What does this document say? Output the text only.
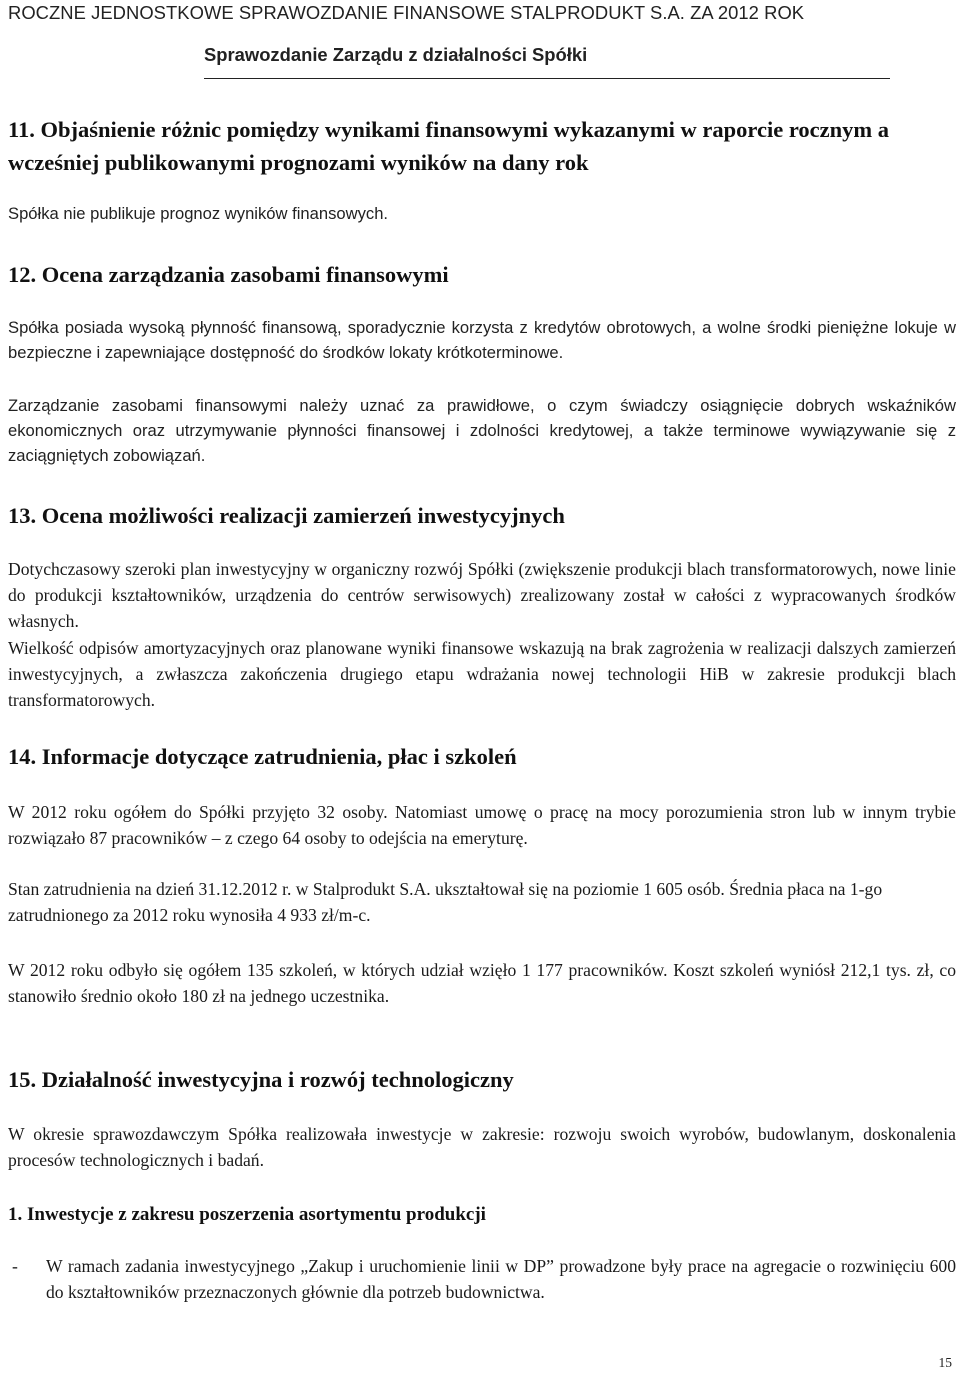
ROCZNE JEDNOSTKOWE SPRAWOZDANIE FINANSOWE STALPRODUKT S.A. ZA 2012 ROK
Sprawozdanie Zarządu z działalności Spółki
11. Objaśnienie różnic pomiędzy wynikami finansowymi wykazanymi w raporcie rocznym a wcześniej publikowanymi prognozami wyników na dany rok

Spółka nie publikuje prognoz wyników finansowych.

12. Ocena zarządzania zasobami finansowymi

Spółka posiada wysoką płynność finansową, sporadycznie korzysta z kredytów obrotowych, a wolne środki pieniężne lokuje w bezpieczne i zapewniające dostępność do środków lokaty krótkoterminowe.

Zarządzanie zasobami finansowymi należy uznać za prawidłowe, o czym świadczy osiągnięcie dobrych wskaźników ekonomicznych oraz utrzymywanie płynności finansowej i zdolności kredytowej, a także terminowe wywiązywanie się z zaciągniętych zobowiązań.

13. Ocena możliwości realizacji zamierzeń inwestycyjnych

Dotychczasowy szeroki plan inwestycyjny w organiczny rozwój Spółki (zwiększenie produkcji blach transformatorowych, nowe linie do produkcji kształtowników, urządzenia do centrów serwisowych) zrealizowany został w całości z wypracowanych środków własnych.

Wielkość odpisów amortyzacyjnych oraz planowane wyniki finansowe wskazują na brak zagrożenia w realizacji dalszych zamierzeń inwestycyjnych, a zwłaszcza zakończenia drugiego etapu wdrażania nowej technologii HiB w zakresie produkcji blach transformatorowych.

14. Informacje dotyczące zatrudnienia, płac i szkoleń

W 2012 roku ogółem do Spółki przyjęto 32 osoby. Natomiast umowę o pracę na mocy porozumienia stron lub w innym trybie rozwiązało 87 pracowników – z czego 64 osoby to odejścia na emeryturę.

Stan zatrudnienia na dzień 31.12.2012 r. w Stalprodukt S.A. ukształtował się na poziomie 1 605 osób. Średnia płaca na 1-go zatrudnionego za 2012 roku wynosiła 4 933 zł/m-c.

W 2012 roku odbyło się ogółem 135 szkoleń, w których udział wzięło 1 177 pracowników. Koszt szkoleń wyniósł 212,1 tys. zł, co stanowiło średnio około 180 zł na jednego uczestnika.

15. Działalność inwestycyjna i rozwój technologiczny

W okresie sprawozdawczym Spółka realizowała inwestycje w zakresie: rozwoju swoich wyrobów, budowlanym, doskonalenia procesów technologicznych i badań.

1. Inwestycje z zakresu poszerzenia asortymentu produkcji
- W ramach zadania inwestycyjnego „Zakup i uruchomienie linii w DP” prowadzone były prace na agregacie o rozwinięciu 600 do kształtowników przeznaczonych głównie dla potrzeb budownictwa.
15
